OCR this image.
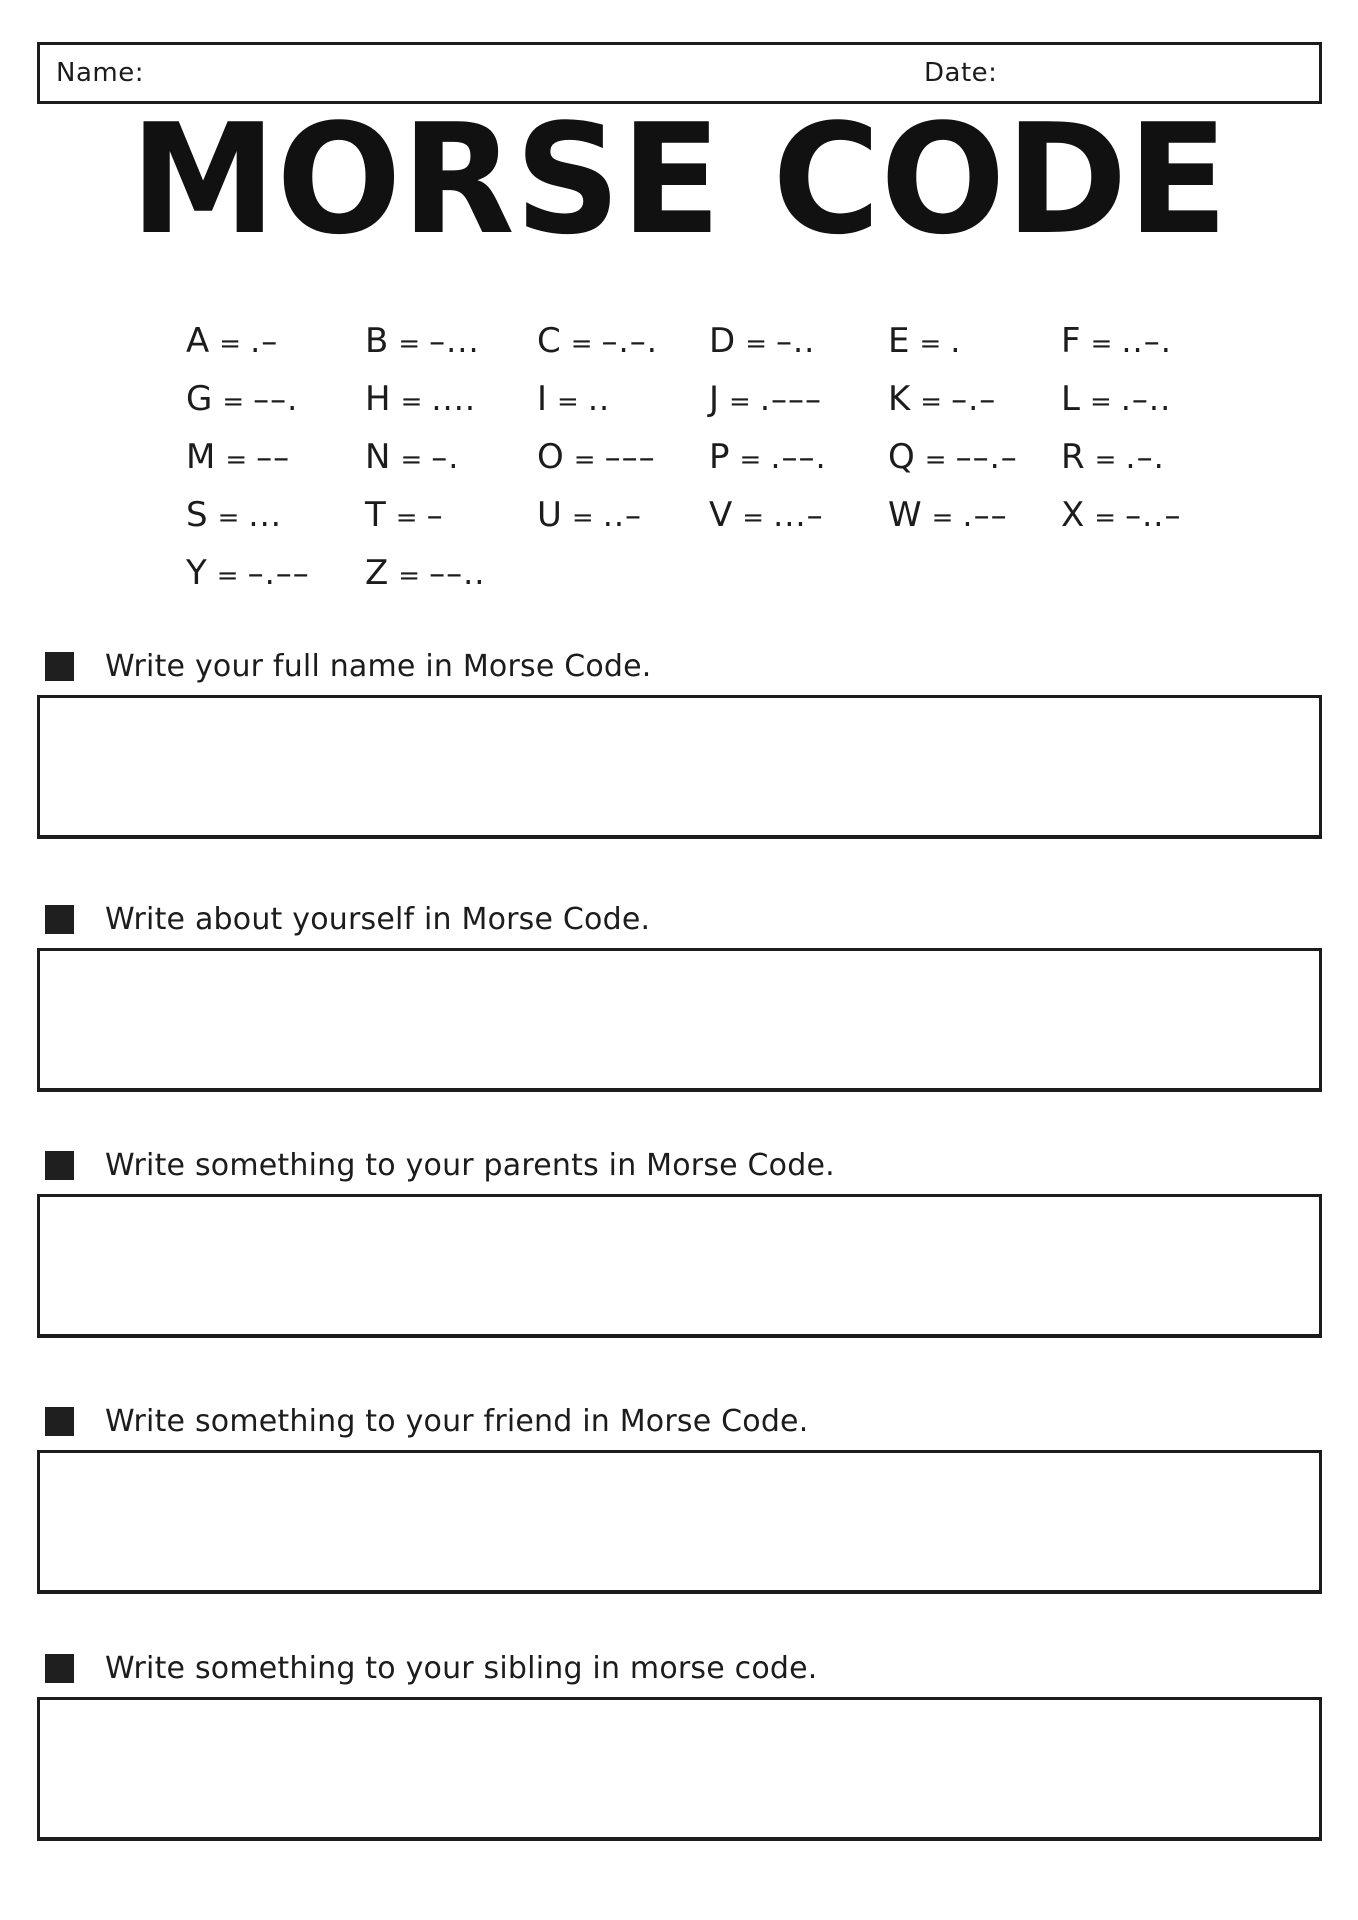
Name:	Date:
MORSE CODE
A = .–	B = –... C = –.–. D = –.. E = .	F = ..–.
G = ––. H = .... I = ..	J = .––– K = –.– L = .–..
M = –– N = –. O = ––– P = .––. Q = ––.– R = .–.
S = ... T = –	U = ..– V = ...– W = .–– X = –..–
Y = –.–– Z = ––..
Write your full name in Morse Code.
Write about yourself in Morse Code.
Write something to your parents in Morse Code.
Write something to your friend in Morse Code.
Write something to your sibling in morse code.
